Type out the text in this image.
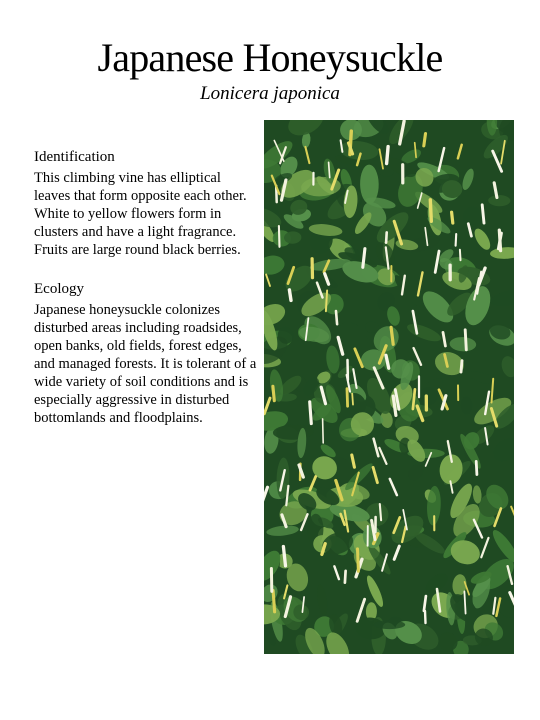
Japanese Honeysuckle
Lonicera japonica
Identification

This climbing vine has elliptical leaves that form opposite each other. White to yellow flowers form in clusters and have a light fragrance. Fruits are large round black berries.

Ecology

Japanese honeysuckle colonizes disturbed areas including roadsides, open banks, old fields, forest edges, and managed forests. It is tolerant of a wide variety of soil conditions and is especially aggressive in disturbed bottomlands and floodplains.
